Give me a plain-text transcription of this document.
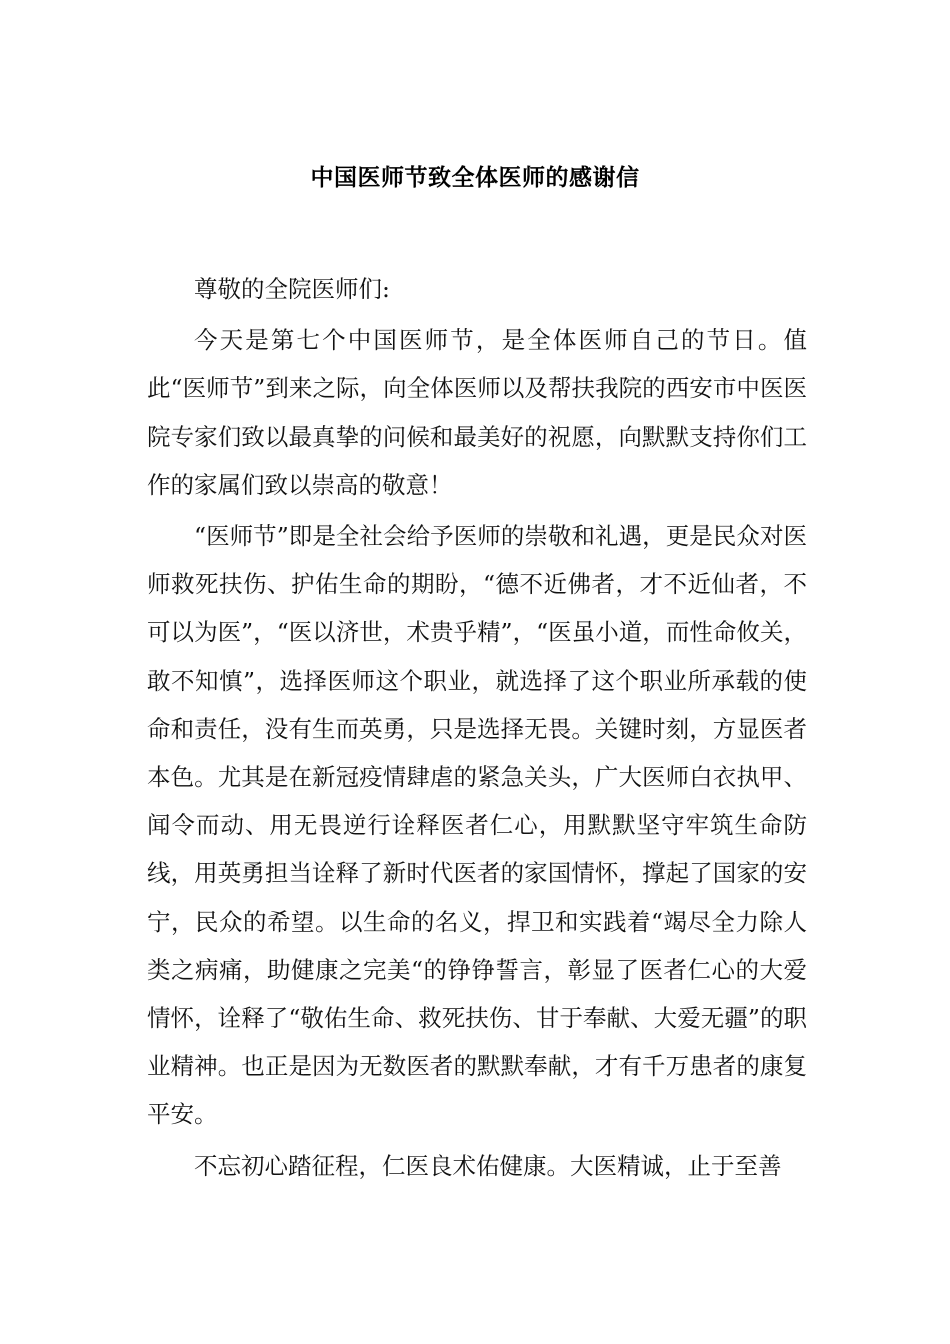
中国医师节致全体医师的感谢信

尊敬的全院医师们:

今天是第七个中国医师节，是全体医师自己的节日。值此“医师节”到来之际，向全体医师以及帮扶我院的西安市中医医院专家们致以最真挚的问候和最美好的祝愿，向默默支持你们工作的家属们致以崇高的敬意！

“医师节”即是全社会给予医师的崇敬和礼遇，更是民众对医师救死扶伤、护佑生命的期盼，“德不近佛者，才不近仙者，不可以为医”，“医以济世，术贵乎精”，“医虽小道，而性命攸关，敢不知慎”，选择医师这个职业，就选择了这个职业所承载的使命和责任，没有生而英勇，只是选择无畏。关键时刻，方显医者本色。尤其是在新冠疫情肆虐的紧急关头，广大医师白衣执甲、闻令而动、用无畏逆行诠释医者仁心，用默默坚守牢筑生命防线，用英勇担当诠释了新时代医者的家国情怀，撑起了国家的安宁，民众的希望。以生命的名义，捍卫和实践着“竭尽全力除人类之病痛，助健康之完美“的铮铮誓言，彰显了医者仁心的大爱情怀，诠释了“敬佑生命、救死扶伤、甘于奉献、大爱无疆”的职业精神。也正是因为无数医者的默默奉献，才有千万患者的康复平安。

不忘初心踏征程，仁医良术佑健康。大医精诚，止于至善
